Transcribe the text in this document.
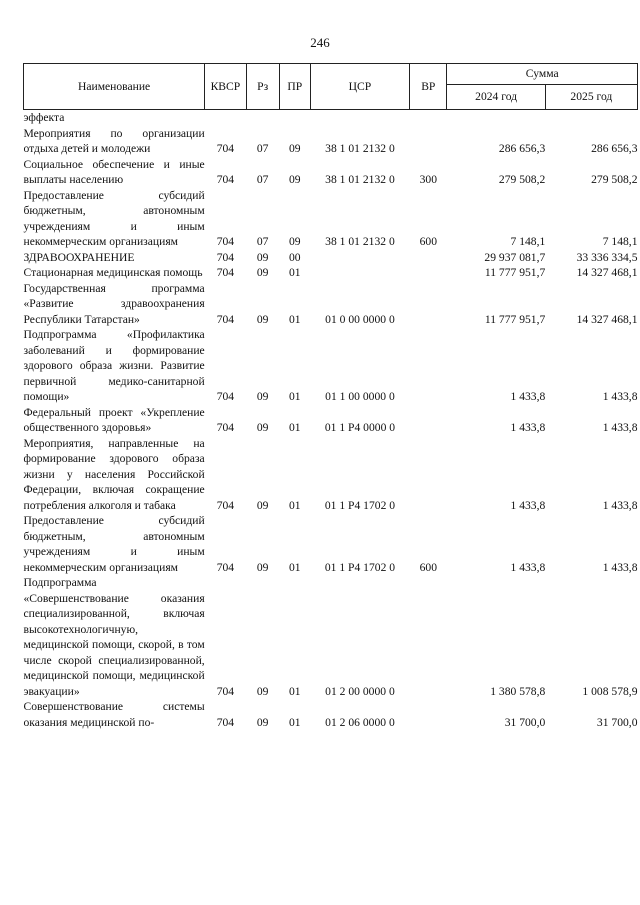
246
Наименование	КВСР	Рз	ПР	ЦСР	ВР	Сумма	
						2024 год	2025 год
эффекта							
Мероприятия по организации отдыха детей и молодежи	704	07	09	38 1 01 2132 0		286 656,3	286 656,3
Социальное обеспечение и иные выплаты населению	704	07	09	38 1 01 2132 0	300	279 508,2	279 508,2
Предоставление субсидий бюджетным, автономным учреждениям и иным некоммерческим организациям	704	07	09	38 1 01 2132 0	600	7 148,1	7 148,1
ЗДРАВООХРАНЕНИЕ	704	09	00			29 937 081,7	33 336 334,5
Стационарная медицинская помощь	704	09	01			11 777 951,7	14 327 468,1
Государственная программа «Развитие здравоохранения Республики Татарстан»	704	09	01	01 0 00 0000 0		11 777 951,7	14 327 468,1
Подпрограмма «Профилактика заболеваний и формирование здорового образа жизни. Развитие первичной медико-санитарной помощи»	704	09	01	01 1 00 0000 0		1 433,8	1 433,8
Федеральный проект «Укрепление общественного здоровья»	704	09	01	01 1 P4 0000 0		1 433,8	1 433,8
Мероприятия, направленные на формирование здорового образа жизни у населения Российской Федерации, включая сокращение потребления алкоголя и табака	704	09	01	01 1 P4 1702 0		1 433,8	1 433,8
Предоставление субсидий бюджетным, автономным учреждениям и иным некоммерческим организациям	704	09	01	01 1 P4 1702 0	600	1 433,8	1 433,8
Подпрограмма «Совершенствование оказания специализированной, включая высокотехнологичную, медицинской помощи, скорой, в том числе скорой специализированной, медицинской помощи, медицинской эвакуации»	704	09	01	01 2 00 0000 0		1 380 578,8	1 008 578,9
Совершенствование системы оказания медицинской по-	704	09	01	01 2 06 0000 0		31 700,0	31 700,0
